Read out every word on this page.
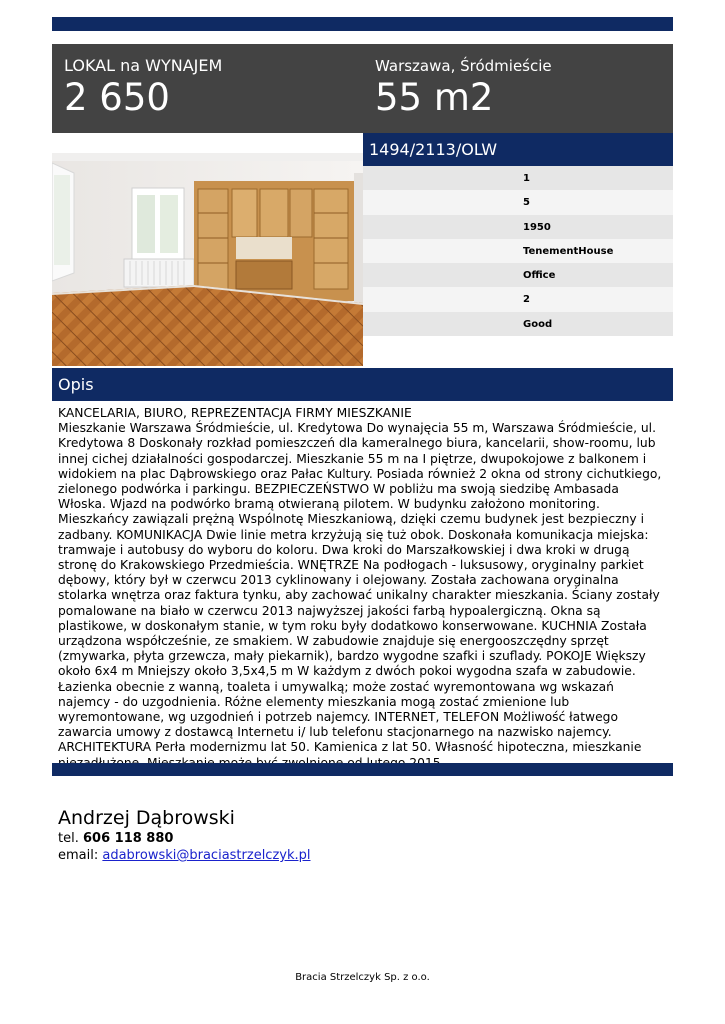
LOKAL na WYNAJEM
2 650
Warszawa, Śródmieście
55 m2
1494/2113/OLW
1
5
1950
TenementHouse
Office
2
Good
Opis
KANCELARIA, BIURO, REPREZENTACJA FIRMY MIESZKANIE
Mieszkanie Warszawa Śródmieście, ul. Kredytowa Do wynajęcia 55 m, Warszawa Śródmieście, ul. Kredytowa 8 Doskonały rozkład pomieszczeń dla kameralnego biura, kancelarii, show-roomu, lub innej cichej działalności gospodarczej. Mieszkanie 55 m na I piętrze, dwupokojowe z balkonem i widokiem na plac Dąbrowskiego oraz Pałac Kultury. Posiada również 2 okna od strony cichutkiego, zielonego podwórka i parkingu. BEZPIECZEŃSTWO W pobliżu ma swoją siedzibę Ambasada Włoska. Wjazd na podwórko bramą otwieraną pilotem. W budynku założono monitoring. Mieszkańcy zawiązali prężną Wspólnotę Mieszkaniową, dzięki czemu budynek jest bezpieczny i zadbany. KOMUNIKACJA Dwie linie metra krzyżują się tuż obok. Doskonała komunikacja miejska: tramwaje i autobusy do wyboru do koloru. Dwa kroki do Marszałkowskiej i dwa kroki w drugą stronę do Krakowskiego Przedmieścia. WNĘTRZE Na podłogach - luksusowy, oryginalny parkiet dębowy, który był w czerwcu 2013 cyklinowany i olejowany. Została zachowana oryginalna stolarka wnętrza oraz faktura tynku, aby zachować unikalny charakter mieszkania. Ściany zostały pomalowane na biało w czerwcu 2013 najwyższej jakości farbą hypoalergiczną. Okna są plastikowe, w doskonałym stanie, w tym roku były dodatkowo konserwowane. KUCHNIA Została urządzona współcześnie, ze smakiem. W zabudowie znajduje się energooszczędny sprzęt (zmywarka, płyta grzewcza, mały piekarnik), bardzo wygodne szafki i szuflady. POKOJE Większy około 6x4 m Mniejszy około 3,5x4,5 m W każdym z dwóch pokoi wygodna szafa w zabudowie. Łazienka obecnie z wanną, toaleta i umywalką; może zostać wyremontowana wg wskazań najemcy - do uzgodnienia. Różne elementy mieszkania mogą zostać zmienione lub wyremontowane, wg uzgodnień i potrzeb najemcy. INTERNET, TELEFON Możliwość łatwego zawarcia umowy z dostawcą Internetu i/ lub telefonu stacjonarnego na nazwisko najemcy. ARCHITEKTURA Perła modernizmu lat 50. Kamienica z lat 50. Własność hipoteczna, mieszkanie
Andrzej Dąbrowski
tel. 606 118 880
email: adabrowski@braciastrzelczyk.pl
Bracia Strzelczyk Sp. z o.o.
